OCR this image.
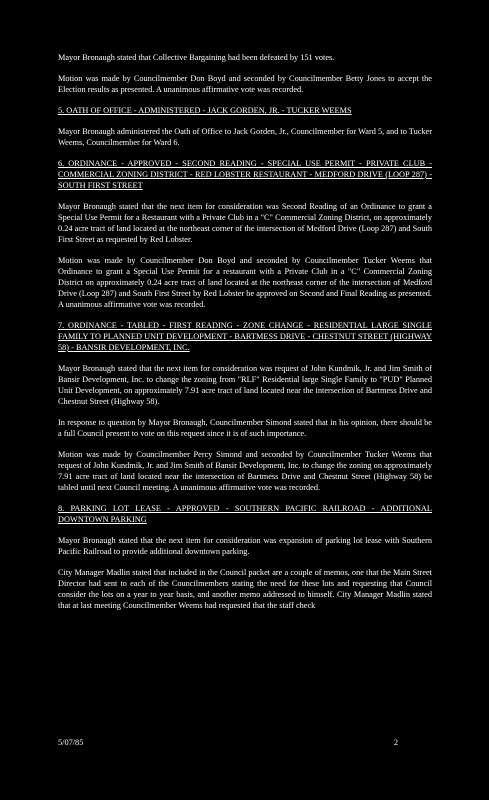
Mayor Bronaugh stated that Collective Bargaining had been defeated by 151 votes.

Motion was made by Councilmember Don Boyd and seconded by Councilmember Betty Jones to accept the Election results as presented. A unanimous affirmative vote was recorded.

5. OATH OF OFFICE - ADMINISTERED - JACK GORDEN, JR. - TUCKER WEEMS

Mayor Bronaugh administered the Oath of Office to Jack Gorden, Jr., Councilmember for Ward 5, and to Tucker Weems, Councilmember for Ward 6.

6. ORDINANCE - APPROVED - SECOND READING - SPECIAL USE PERMIT - PRIVATE CLUB - COMMERCIAL ZONING DISTRICT - RED LOBSTER RESTAURANT - MEDFORD DRIVE (LOOP 287) - SOUTH FIRST STREET

Mayor Bronaugh stated that the next item for consideration was Second Reading of an Ordinance to grant a Special Use Permit for a Restaurant with a Private Club in a "C" Commercial Zoning District, on approximately 0.24 acre tract of land located at the northeast corner of the intersection of Medford Drive (Loop 287) and South First Street as requested by Red Lobster.

Motion was made by Councilmember Don Boyd and seconded by Councilmember Tucker Weems that Ordinance to grant a Special Use Permit for a restaurant with a Private Club in a "C" Commercial Zoning District on approximately 0.24 acre tract of land located at the northeast corner of the intersection of Medford Drive (Loop 287) and South First Street by Red Lobster be approved on Second and Final Reading as presented. A unanimous affirmative vote was recorded.

7. ORDINANCE - TABLED - FIRST READING - ZONE CHANGE - RESIDENTIAL LARGE SINGLE FAMILY TO PLANNED UNIT DEVELOPMENT - BARTMESS DRIVE - CHESTNUT STREET (HIGHWAY 58) - BANSIR DEVELOPMENT, INC.

Mayor Bronaugh stated that the next item for consideration was request of John Kundmik, Jr. and Jim Smith of Bansir Development, Inc. to change the zoning from "RLF" Residential large Single Family to "PUD" Planned Unit Development, on approximately 7.91 acre tract of land located near the intersection of Bartmess Drive and Chestnut Street (Highway 58).

In response to question by Mayor Bronaugh, Councilmember Simond stated that in his opinion, there should be a full Council present to vote on this request since it is of such importance.

Motion was made by Councilmember Percy Simond and seconded by Councilmember Tucker Weems that request of John Kundmik, Jr. and Jim Smith of Bansir Development, Inc. to change the zoning on approximately 7.91 acre tract of land located near the intersection of Bartmess Drive and Chestnut Street (Highway 58) be tabled until next Council meeting. A unanimous affirmative vote was recorded.

8. PARKING LOT LEASE - APPROVED - SOUTHERN PACIFIC RAILROAD - ADDITIONAL DOWNTOWN PARKING

Mayor Bronaugh stated that the next item for consideration was expansion of parking lot lease with Southern Pacific Railroad to provide additional downtown parking.

City Manager Madlin stated that included in the Council packet are a couple of memos, one that the Main Street Director had sent to each of the Councilmembers stating the need for these lots and requesting that Council consider the lots on a year to year basis, and another memo addressed to himself. City Manager Madlin stated that at last meeting Councilmember Weems had requested that the staff check

5/07/85	2
